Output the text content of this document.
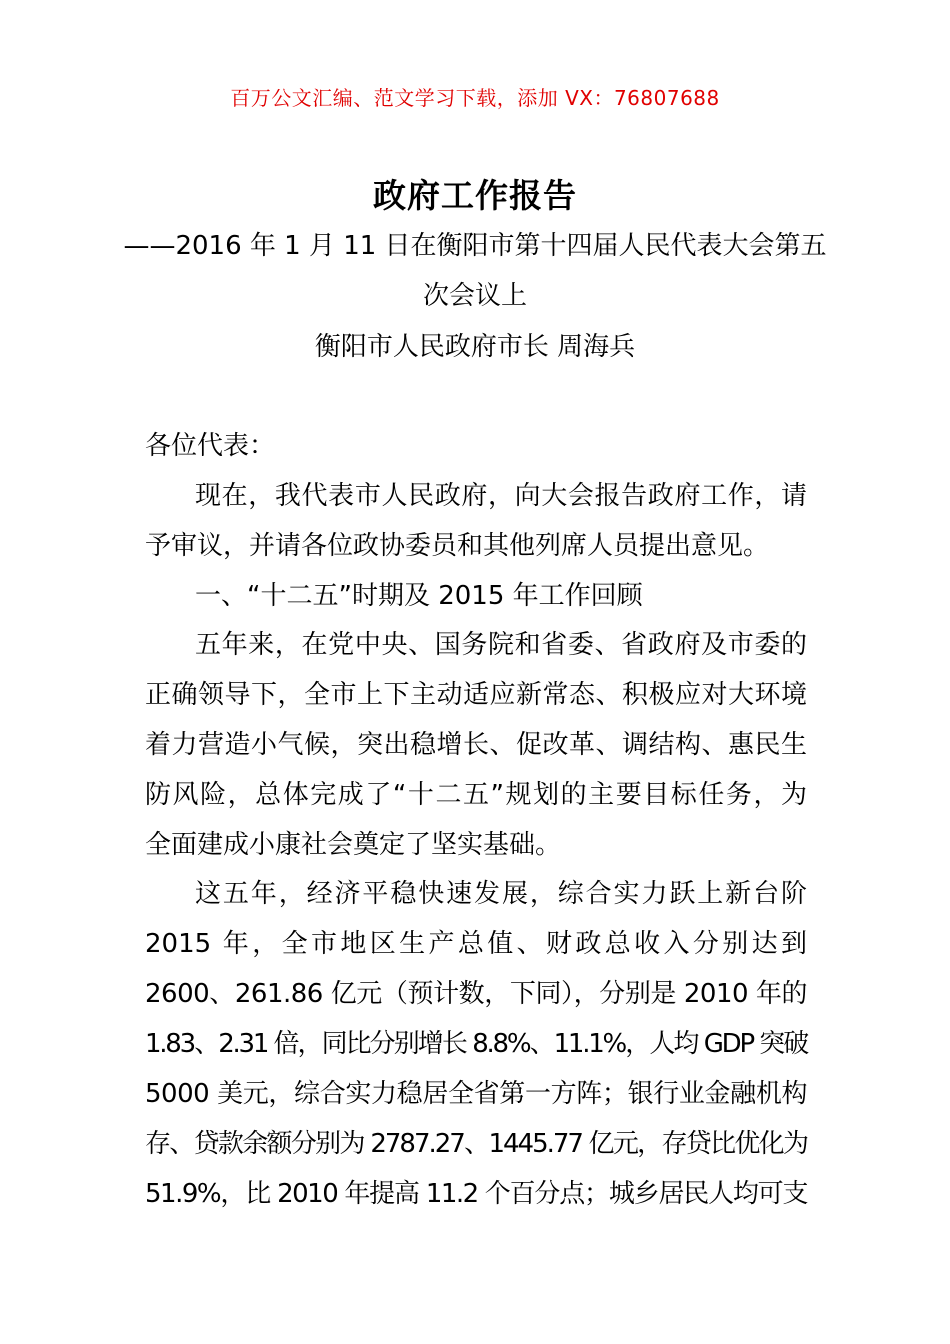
百万公文汇编、范文学习下载，添加 VX：76807688
政府工作报告
——2016 年 1 月 11 日在衡阳市第十四届人民代表大会第五
次会议上
衡阳市人民政府市长 周海兵
各位代表：
现在，我代表市人民政府，向大会报告政府工作，请
予审议，并请各位政协委员和其他列席人员提出意见。
一、“十二五”时期及 2015 年工作回顾
五年来，在党中央、国务院和省委、省政府及市委的
正确领导下，全市上下主动适应新常态、积极应对大环境
着力营造小气候，突出稳增长、促改革、调结构、惠民生
防风险，总体完成了“十二五”规划的主要目标任务，为
全面建成小康社会奠定了坚实基础。
这五年，经济平稳快速发展，综合实力跃上新台阶
2015 年，全市地区生产总值、财政总收入分别达到
2600、261.86 亿元（预计数，下同），分别是 2010 年的
1.83、2.31 倍，同比分别增长 8.8%、11.1%，人均 GDP 突破
5000 美元，综合实力稳居全省第一方阵；银行业金融机构
存、贷款余额分别为 2787.27、1445.77 亿元，存贷比优化为
51.9%，比 2010 年提高 11.2 个百分点；城乡居民人均可支
